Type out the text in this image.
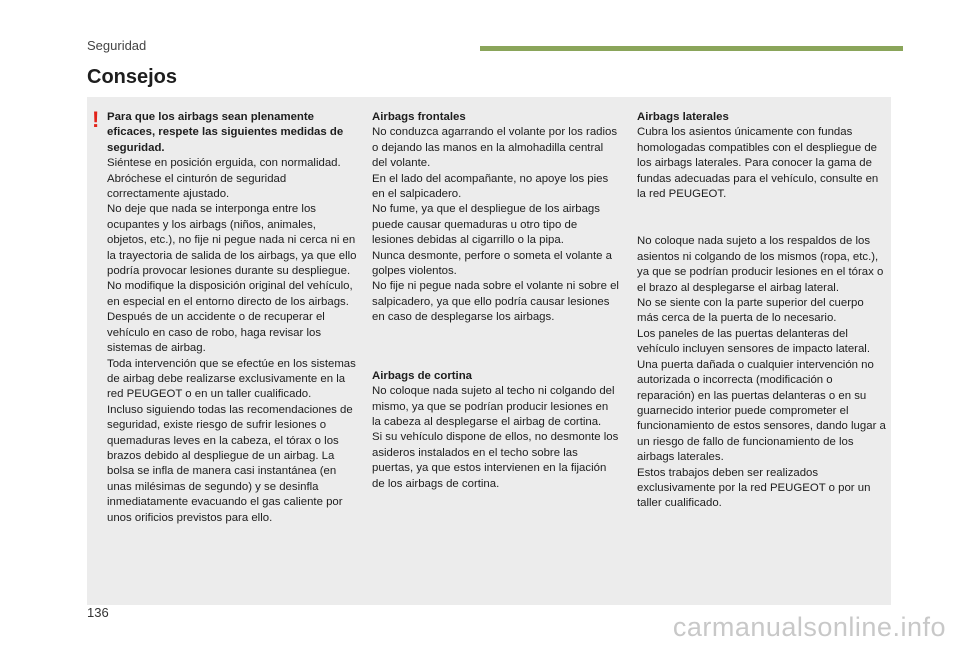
Seguridad
Consejos
! Para que los airbags sean plenamente eficaces, respete las siguientes medidas de seguridad.

Siéntese en posición erguida, con normalidad.

Abróchese el cinturón de seguridad correctamente ajustado.

No deje que nada se interponga entre los ocupantes y los airbags (niños, animales, objetos, etc.), no fije ni pegue nada ni cerca ni en la trayectoria de salida de los airbags, ya que ello podría provocar lesiones durante su despliegue.

No modifique la disposición original del vehículo, en especial en el entorno directo de los airbags.

Después de un accidente o de recuperar el vehículo en caso de robo, haga revisar los sistemas de airbag.

Toda intervención que se efectúe en los sistemas de airbag debe realizarse exclusivamente en la red PEUGEOT o en un taller cualificado.

Incluso siguiendo todas las recomendaciones de seguridad, existe riesgo de sufrir lesiones o quemaduras leves en la cabeza, el tórax o los brazos debido al despliegue de un airbag. La bolsa se infla de manera casi instantánea (en unas milésimas de segundo) y se desinfla inmediatamente evacuando el gas caliente por unos orificios previstos para ello.

Airbags frontales

No conduzca agarrando el volante por los radios o dejando las manos en la almohadilla central del volante.

En el lado del acompañante, no apoye los pies en el salpicadero.

No fume, ya que el despliegue de los airbags puede causar quemaduras u otro tipo de lesiones debidas al cigarrillo o la pipa.

Nunca desmonte, perfore o someta el volante a golpes violentos.

No fije ni pegue nada sobre el volante ni sobre el salpicadero, ya que ello podría causar lesiones en caso de desplegarse los airbags.

Airbags de cortina

No coloque nada sujeto al techo ni colgando del mismo, ya que se podrían producir lesiones en la cabeza al desplegarse el airbag de cortina.

Si su vehículo dispone de ellos, no desmonte los asideros instalados en el techo sobre las puertas, ya que estos intervienen en la fijación de los airbags de cortina.

Airbags laterales

Cubra los asientos únicamente con fundas homologadas compatibles con el despliegue de los airbags laterales. Para conocer la gama de fundas adecuadas para el vehículo, consulte en la red PEUGEOT.

No coloque nada sujeto a los respaldos de los asientos ni colgando de los mismos (ropa, etc.), ya que se podrían producir lesiones en el tórax o el brazo al desplegarse el airbag lateral.

No se siente con la parte superior del cuerpo más cerca de la puerta de lo necesario.

Los paneles de las puertas delanteras del vehículo incluyen sensores de impacto lateral.

Una puerta dañada o cualquier intervención no autorizada o incorrecta (modificación o reparación) en las puertas delanteras o en su guarnecido interior puede comprometer el funcionamiento de estos sensores, dando lugar a un riesgo de fallo de funcionamiento de los airbags laterales.

Estos trabajos deben ser realizados exclusivamente por la red PEUGEOT o por un taller cualificado.

136	carmanualsonline.info
